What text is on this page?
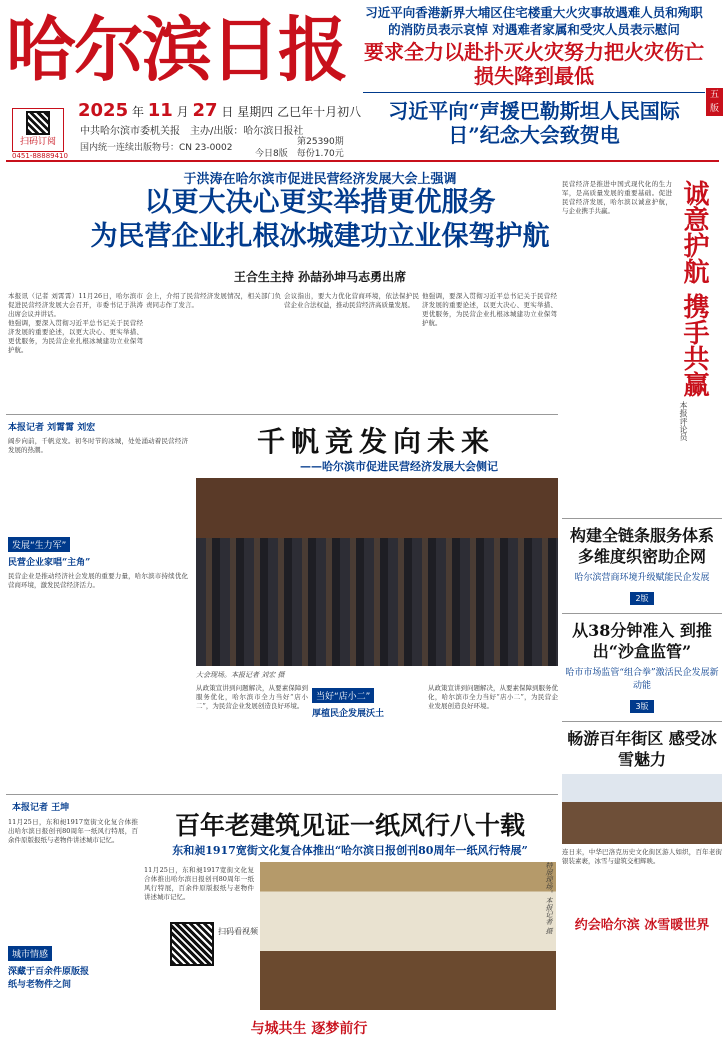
哈尔滨日报
2025 年 11 月 27 日 星期四 乙巳年十月初八
中共哈尔滨市委机关报　主办/出版：哈尔滨日报社
国内统一连续出版物号：CN 23-0002
第25390期
今日8版　每份1.70元
扫码订阅
0451-88889410
习近平向香港新界大埔区住宅楼重大火灾事故遇难人员和殉职的消防员表示哀悼 对遇难者家属和受灾人员表示慰问
要求全力以赴扑灭火灾努力把火灾伤亡损失降到最低
习近平向“声援巴勒斯坦人民国际日”纪念大会致贺电
五版
于洪涛在哈尔滨市促进民营经济发展大会上强调
以更大决心更实举措更优服务
为民营企业扎根冰城建功立业保驾护航
王合生主持 孙喆孙坤马志勇出席

本报讯（记者 刘霄霄）11月26日，哈尔滨市促进民营经济发展大会召开，市委书记于洪涛出席会议并讲话。

他强调，要深入贯彻习近平总书记关于民营经济发展的重要论述，以更大决心、更实举措、更优服务，为民营企业扎根冰城建功立业保驾护航。

会上，介绍了民营经济发展情况，相关部门负责同志作了发言。

会议指出，要大力优化营商环境，依法保护民营企业合法权益，推动民营经济高质量发展。

他强调，要深入贯彻习近平总书记关于民营经济发展的重要论述，以更大决心、更实举措、更优服务，为民营企业扎根冰城建功立业保驾护航。

本报记者 刘霄霄 刘宏
阔步向前，千帆竞发。初冬时节的冰城，处处涌动着民营经济发展的热潮。
发展“生力军”
民营企业家唱“主角”
民营企业是推动经济社会发展的重要力量，哈尔滨市持续优化营商环境，激发民营经济活力。
千帆竞发向未来
——哈尔滨市促进民营经济发展大会侧记
大会现场。本报记者 刘宏 摄
从政策宣讲到问题解决，从要素保障到服务优化，哈尔滨市全力当好“店小二”，为民营企业发展创造良好环境。
当好“店小二”
厚植民企发展沃土
从政策宣讲到问题解决，从要素保障到服务优化，哈尔滨市全力当好“店小二”，为民营企业发展创造良好环境。
民营经济是推进中国式现代化的生力军，是高质量发展的重要基础。促进民营经济发展，哈尔滨以诚意护航，与企业携手共赢。	诚意护航 携手共赢
本报评论员
构建全链条服务体系 多维度织密助企网
哈尔滨营商环境升级赋能民企发展
2版
从38分钟准入 到推出“沙盒监管”
哈市市场监管“组合拳”激活民企发展新动能
3版
畅游百年街区 感受冰雪魅力
连日来，中华巴洛克历史文化街区游人如织，百年老街银装素裹，冰雪与建筑交相辉映。
约会哈尔滨 冰雪暖世界
本报记者 王坤
百年老建筑见证一纸风行八十载
东和昶1917宽街文化复合体推出“哈尔滨日报创刊80周年一纸风行特展”
11月25日，东和昶1917宽街文化复合体推出哈尔滨日报创刊80周年一纸风行特展，百余件原版报纸与老物件讲述城市记忆。
城市情感
深藏于百余件原版报
纸与老物件之间
11月25日，东和昶1917宽街文化复合体推出哈尔滨日报创刊80周年一纸风行特展，百余件原版报纸与老物件讲述城市记忆。
扫码看视频	特展现场。本报记者 摄
与城共生 逐梦前行
